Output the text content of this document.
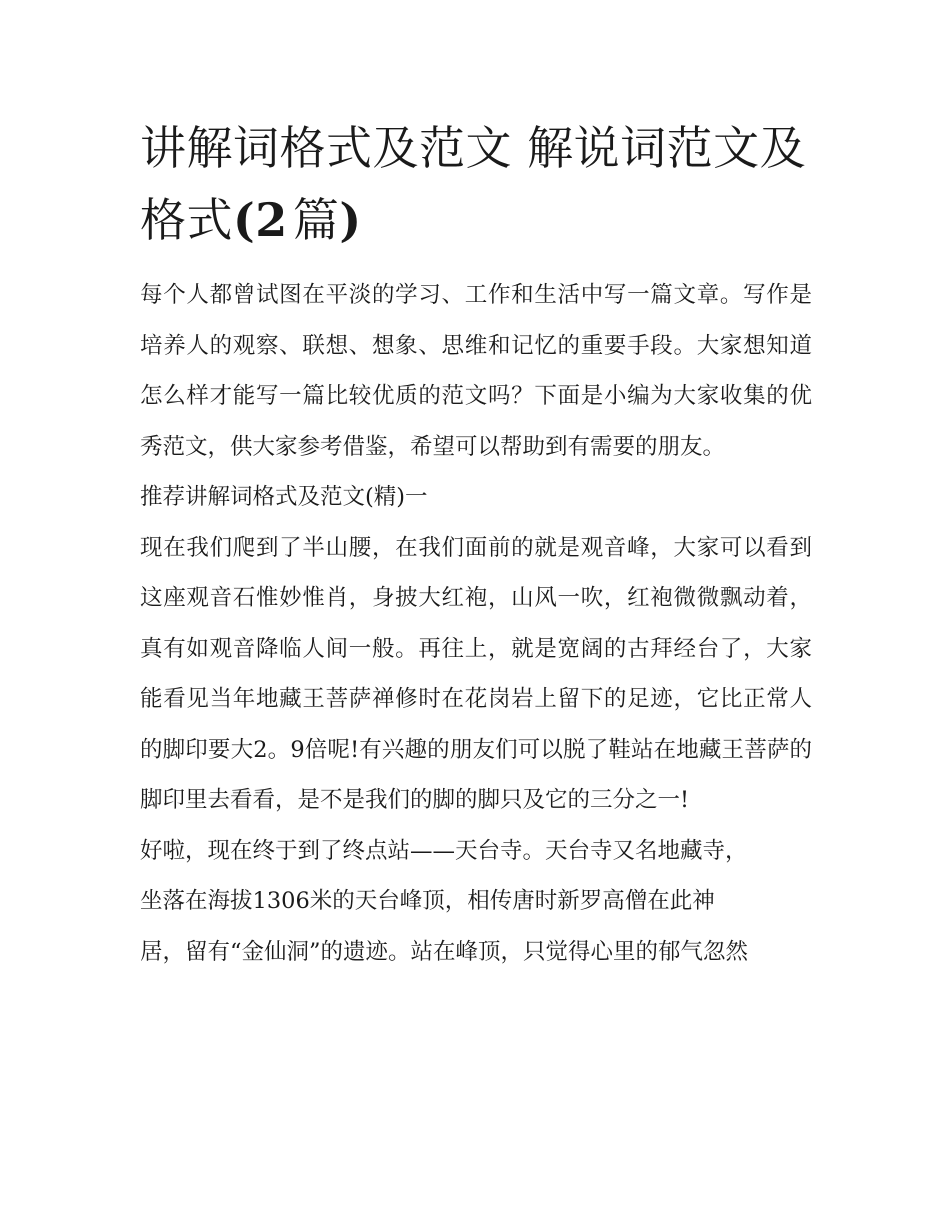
讲解词格式及范文 解说词范文及格式(2  篇)

每个人都曾试图在平淡的学习、工作和生活中写一篇文章。写作是培养人的观察、联想、想象、思维和记忆的重要手段。大家想知道怎么样才能写一篇比较优质的范文吗？下面是小编为大家收集的优秀范文，供大家参考借鉴，希望可以帮助到有需要的朋友。

推荐讲解词格式及范文(精)一

现在我们爬到了半山腰，在我们面前的就是观音峰，大家可以看到这座观音石惟妙惟肖，身披大红袍，山风一吹，红袍微微飘动着，真有如观音降临人间一般。再往上，就是宽阔的古拜经台了，大家能看见当年地藏王菩萨禅修时在花岗岩上留下的足迹，它比正常人的脚印要大2。9倍呢!有兴趣的朋友们可以脱了鞋站在地藏王菩萨的脚印里去看看，是不是我们的脚的脚只及它的三分之一!

好啦，现在终于到了终点站——天台寺。天台寺又名地藏寺，

坐落在海拔1306米的天台峰顶，相传唐时新罗高僧在此神

居，留有“金仙洞”的遗迹。站在峰顶，只觉得心里的郁气忽然
